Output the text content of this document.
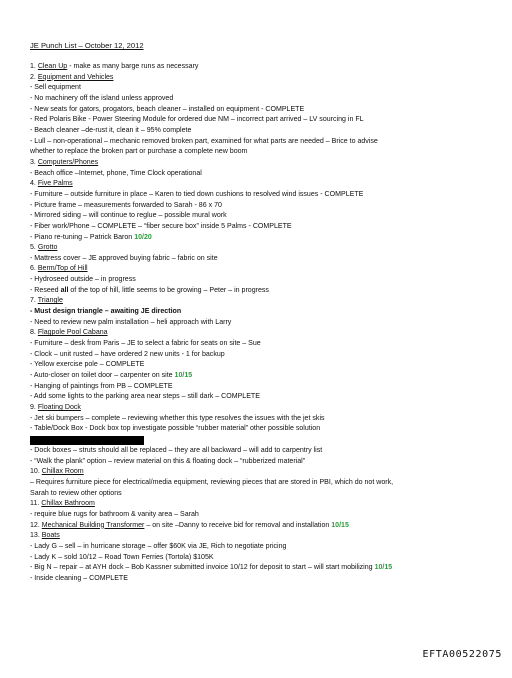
JE Punch List – October 12, 2012
1. Clean Up - make as many barge runs as necessary
2. Equipment and Vehicles
- Sell equipment
- No machinery off the island unless approved
- New seats for gators, progators, beach cleaner – installed on equipment - COMPLETE
- Red Polaris Bike - Power Steering Module for ordered due NM – incorrect part arrived – LV sourcing in FL
- Beach cleaner –de-rust it, clean it – 95% complete
- Lull – non-operational – mechanic removed broken part, examined for what parts are needed – Brice to advise
whether to replace the broken part or purchase a complete new boom
3. Computers/Phones
- Beach office –Internet, phone, Time Clock operational
4. Five Palms
- Furniture – outside furniture in place – Karen to tied down cushions to resolved wind issues - COMPLETE
- Picture frame – measurements forwarded to Sarah - 86 x 70
- Mirrored siding – will continue to reglue – possible mural work
- Fiber work/Phone – COMPLETE – “fiber secure box” inside 5 Palms - COMPLETE
- Piano re-tuning – Patrick Baron 10/20
5. Grotto
- Mattress cover – JE approved buying fabric – fabric on site
6. Berm/Top of Hill
- Hydroseed outside – in progress
- Reseed all of the top of hill, little seems to be growing – Peter – in progress
7. Triangle
- Must design triangle – awaiting JE direction
- Need to review new palm installation – heli approach with Larry
8. Flagpole Pool Cabana
- Furniture – desk from Paris – JE to select a fabric for seats on site – Sue
- Clock – unit rusted – have ordered 2 new units - 1 for backup
- Yellow exercise pole – COMPLETE
- Auto-closer on toilet door – carpenter on site 10/15
- Hanging of paintings from PB – COMPLETE
- Add some lights to the parking area near steps – still dark – COMPLETE
9. Floating Dock
- Jet ski bumpers – complete – reviewing whether this type resolves the issues with the jet skis
- Table/Dock Box - Dock box top investigate possible “rubber material” other possible solution
- Dock boxes – struts should all be replaced – they are all backward – will add to carpentry list
- “Walk the plank” option – review material on this & floating dock – “rubberized material”
10. Chillax Room
– Requires furniture piece for electrical/media equipment, reviewing pieces that are stored in PBI, which do not work,
Sarah to review other options
11. Chillax Bathroom
- require blue rugs for bathroom & vanity area – Sarah
12. Mechanical Building Transformer – on site –Danny to receive bid for removal and installation 10/15
13. Boats
- Lady G – sell – in hurricane storage – offer $60K via JE, Rich to negotiate pricing
- Lady K – sold 10/12 – Road Town Ferries (Tortola) $105K
- Big N – repair – at AYH dock – Bob Kassner submitted invoice 10/12 for deposit to start – will start mobilizing 10/15
- Inside cleaning – COMPLETE
EFTA00522075
